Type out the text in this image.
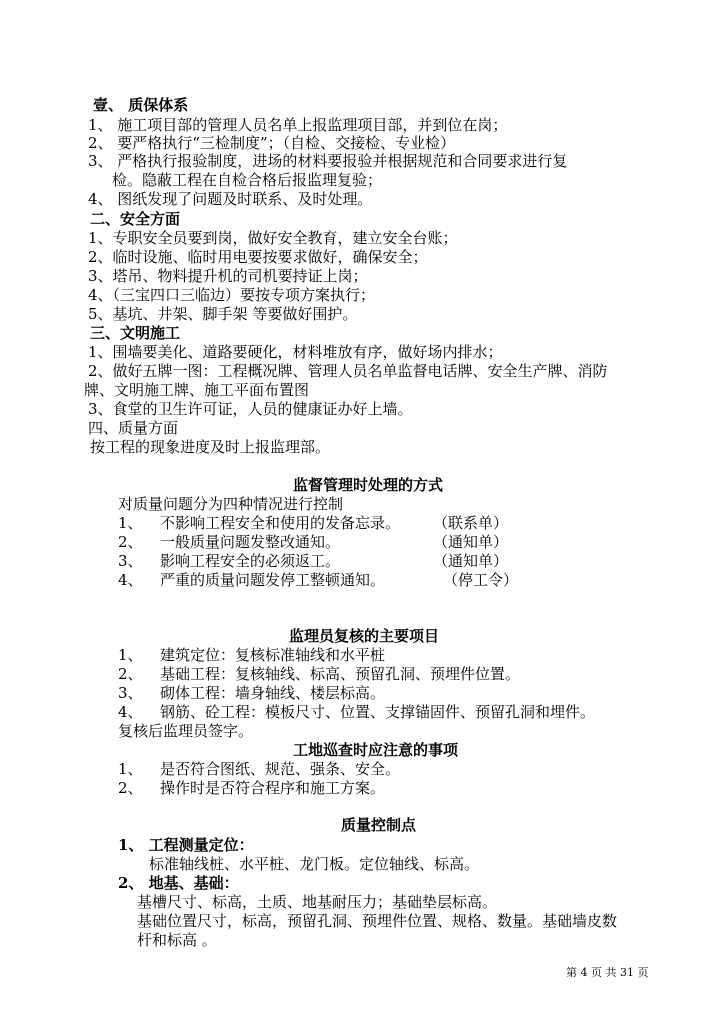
壹、 质保体系
1、 施工项目部的管理人员名单上报监理项目部，并到位在岗；
2、 要严格执行“三检制度”；（自检、交接检、专业检）
3、 严格执行报验制度，进场的材料要报验并根据规范和合同要求进行复
检。隐蔽工程在自检合格后报监理复验；
4、 图纸发现了问题及时联系、及时处理。
二、安全方面
1、专职安全员要到岗，做好安全教育，建立安全台账；
2、临时设施、临时用电要按要求做好，确保安全；
3、塔吊、物料提升机的司机要持证上岗；
4、（三宝四口三临边）要按专项方案执行；
5、基坑、井架、脚手架 等要做好围护。
三、文明施工
1、围墙要美化、道路要硬化，材料堆放有序，做好场内排水；
2、做好五牌一图：工程概况牌、管理人员名单监督电话牌、安全生产牌、消防
牌、文明施工牌、施工平面布置图
3、食堂的卫生许可证，人员的健康证办好上墙。
四、质量方面
按工程的现象进度及时上报监理部。
监督管理时处理的方式
对质量问题分为四种情况进行控制
1、 不影响工程安全和使用的发备忘录。 （联系单）
2、 一般质量问题发整改通知。	（通知单）
3、 影响工程安全的必须返工。	（通知单）
4、 严重的质量问题发停工整顿通知。	（停工令）
监理员复核的主要项目
1、 建筑定位：复核标准轴线和水平桩
2、 基础工程：复核轴线、标高、预留孔洞、预埋件位置。
3、 砌体工程：墙身轴线、楼层标高。
4、 钢筋、砼工程：模板尺寸、位置、支撑锚固件、预留孔洞和埋件。
复核后监理员签字。
工地巡查时应注意的事项
1、 是否符合图纸、规范、强条、安全。
2、 操作时是否符合程序和施工方案。
质量控制点
1、 工程测量定位：
标准轴线桩、水平桩、龙门板。定位轴线、标高。
2、 地基、基础：
基槽尺寸、标高，土质、地基耐压力；基础垫层标高。
基础位置尺寸，标高，预留孔洞、预埋件位置、规格、数量。基础墙皮数
杆和标高 。
第 4 页 共 31 页
